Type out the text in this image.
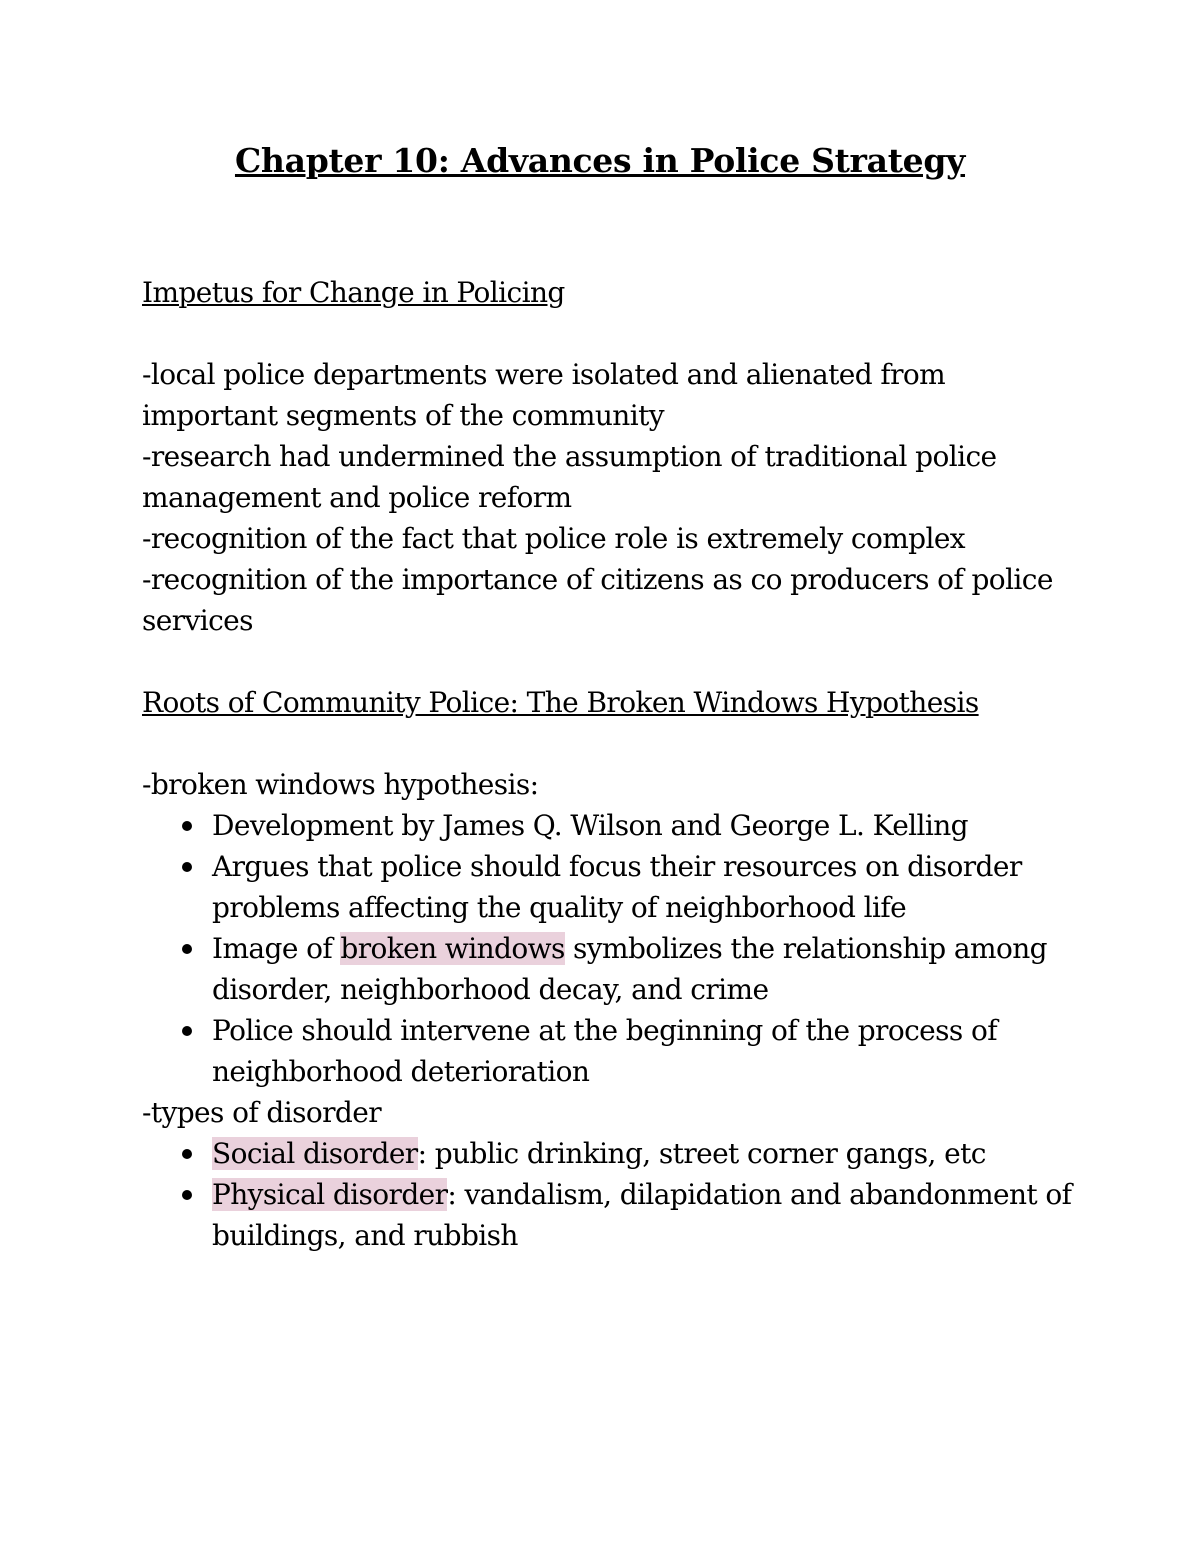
Chapter 10: Advances in Police Strategy

Impetus for Change in Policing

-local police departments were isolated and alienated from important segments of the community

-research had undermined the assumption of traditional police management and police reform

-recognition of the fact that police role is extremely complex

-recognition of the importance of citizens as co producers of police services

Roots of Community Police: The Broken Windows Hypothesis

-broken windows hypothesis:

Development by James Q. Wilson and George L. Kelling
Argues that police should focus their resources on disorder problems affecting the quality of neighborhood life
Image of broken windows symbolizes the relationship among disorder, neighborhood decay, and crime
Police should intervene at the beginning of the process of neighborhood deterioration

-types of disorder

Social disorder: public drinking, street corner gangs, etc
Physical disorder: vandalism, dilapidation and abandonment of buildings, and rubbish
